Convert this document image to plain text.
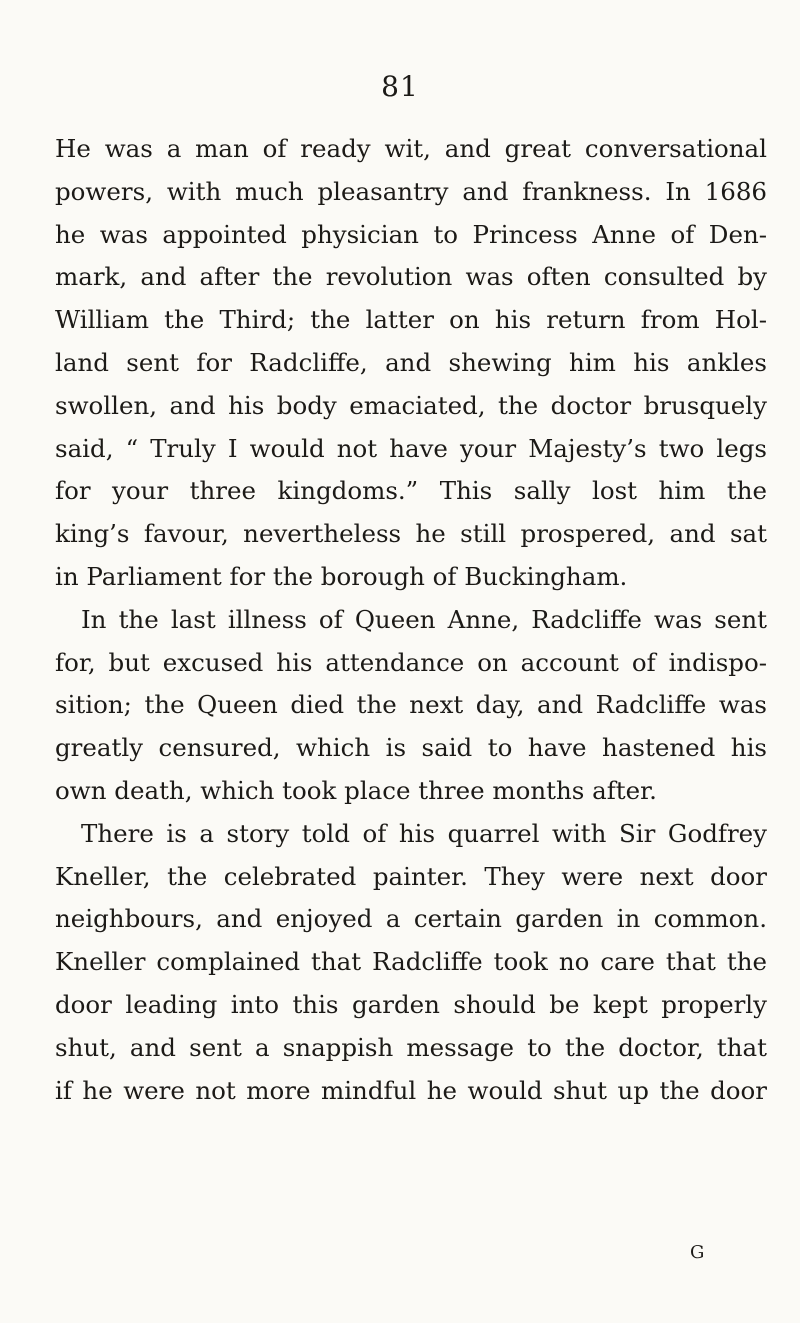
81
He was a man of ready wit, and great conversational
powers, with much pleasantry and frankness. In 1686
he was appointed physician to Princess Anne of Den-
mark, and after the revolution was often consulted by
William the Third; the latter on his return from Hol-
land sent for Radcliffe, and shewing him his ankles
swollen, and his body emaciated, the doctor brusquely
said, “ Truly I would not have your Majesty’s two legs
for your three kingdoms.” This sally lost him the
king’s favour, nevertheless he still prospered, and sat
in Parliament for the borough of Buckingham.
In the last illness of Queen Anne, Radcliffe was sent
for, but excused his attendance on account of indispo-
sition; the Queen died the next day, and Radcliffe was
greatly censured, which is said to have hastened his
own death, which took place three months after.
There is a story told of his quarrel with Sir Godfrey
Kneller, the celebrated painter. They were next door
neighbours, and enjoyed a certain garden in common.
Kneller complained that Radcliffe took no care that the
door leading into this garden should be kept properly
shut, and sent a snappish message to the doctor, that
if he were not more mindful he would shut up the door
G
